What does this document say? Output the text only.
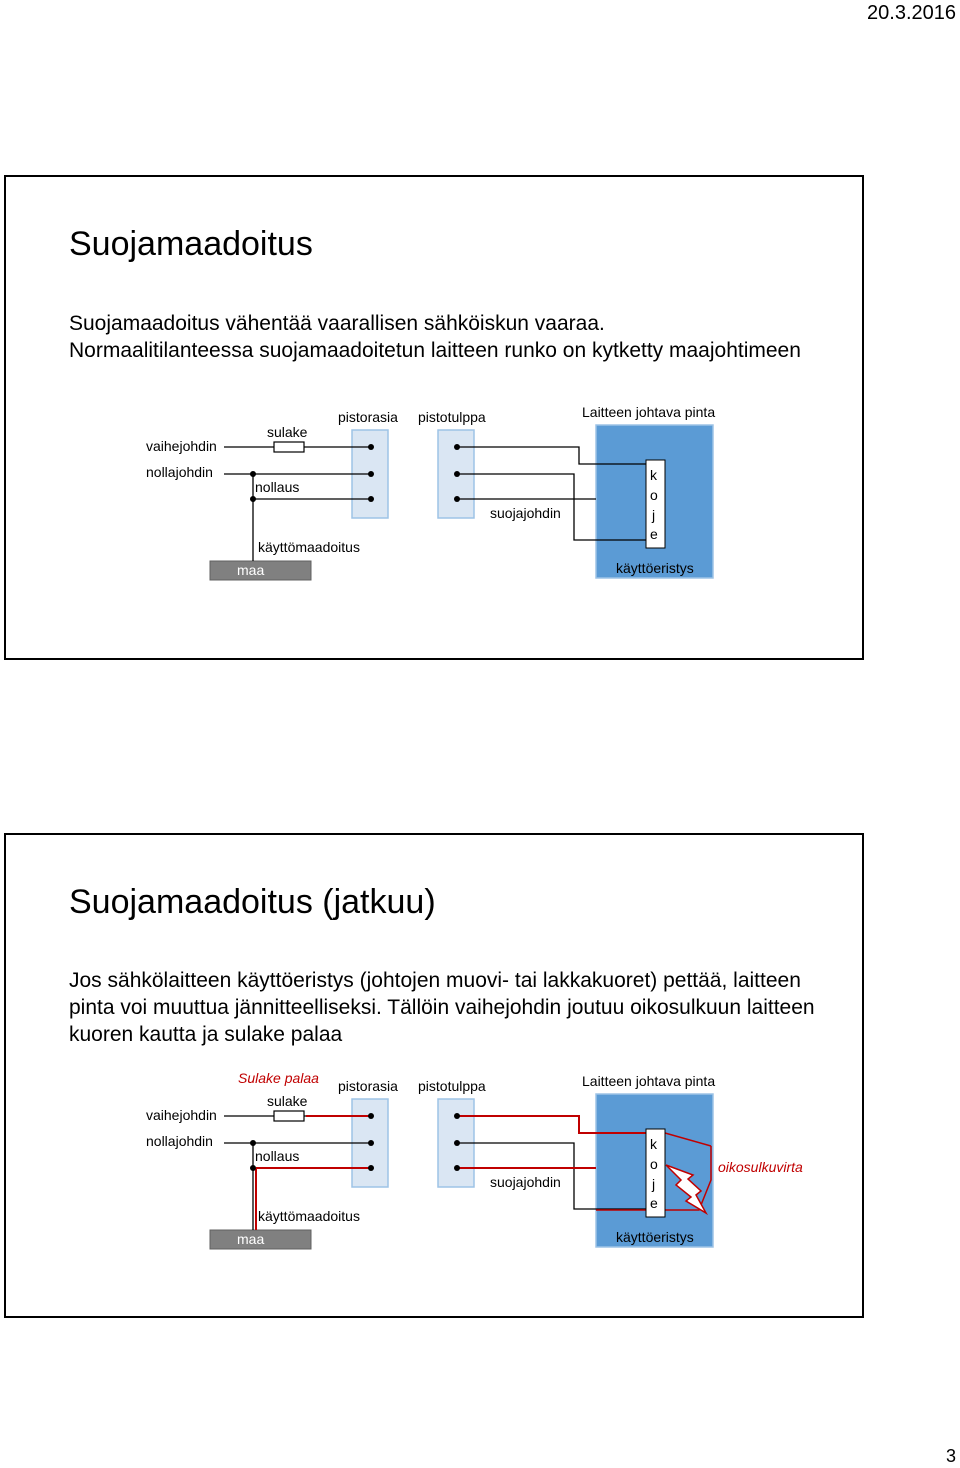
20.3.2016
Suojamaadoitus

Suojamaadoitus vähentää vaarallisen sähköiskun vaaraa.

Normaalitilanteessa suojamaadoitetun laitteen runko on kytketty maajohtimeen

vaihejohdin
nollajohdin
sulake
nollaus
käyttömaadoitus
maa
pistorasia pistotulppa
suojajohdin
Laitteen johtava pinta
k
o
j
e
käyttöeristys
Suojamaadoitus (jatkuu)

Jos sähkölaitteen käyttöeristys (johtojen muovi- tai lakkakuoret) pettää, laitteen pinta voi muuttua jännitteelliseksi. Tällöin vaihejohdin joutuu oikosulkuun laitteen kuoren kautta ja sulake palaa

Sulake palaa
vaihejohdin
nollajohdin
sulake
nollaus
käyttömaadoitus
maa
pistorasia pistotulppa
suojajohdin
Laitteen johtava pinta
k
o
j
e
käyttöeristys
oikosulkuvirta
3
